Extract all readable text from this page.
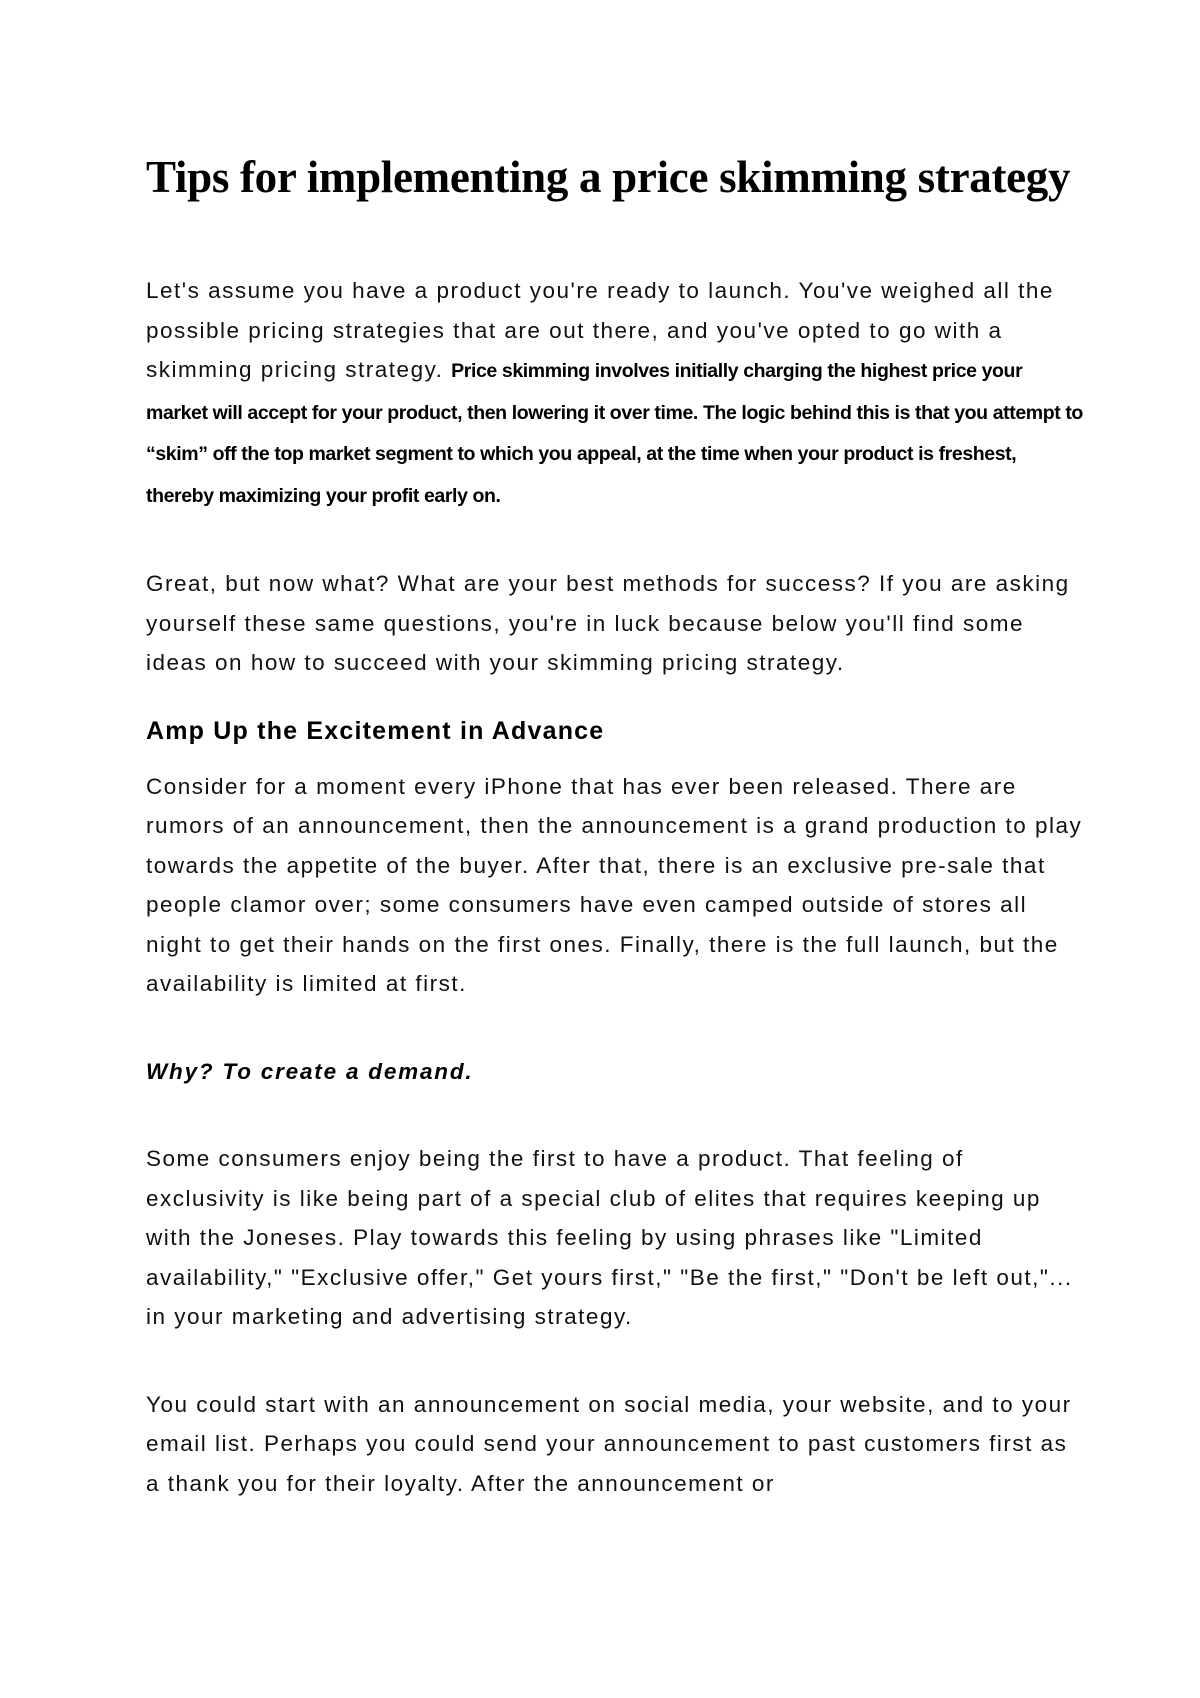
Tips for implementing a price skimming strategy

Let's assume you have a product you're ready to launch. You've weighed all the possible pricing strategies that are out there, and you've opted to go with a skimming pricing strategy. Price skimming involves initially charging the highest price your market will accept for your product, then lowering it over time. The logic behind this is that you attempt to “skim” off the top market segment to which you appeal, at the time when your product is freshest, thereby maximizing your profit early on.

Great, but now what? What are your best methods for success? If you are asking yourself these same questions, you're in luck because below you'll find some ideas on how to succeed with your skimming pricing strategy.

Amp Up the Excitement in Advance

Consider for a moment every iPhone that has ever been released. There are rumors of an announcement, then the announcement is a grand production to play towards the appetite of the buyer. After that, there is an exclusive pre-sale that people clamor over; some consumers have even camped outside of stores all night to get their hands on the first ones. Finally, there is the full launch, but the availability is limited at first.

Why? To create a demand.

Some consumers enjoy being the first to have a product. That feeling of exclusivity is like being part of a special club of elites that requires keeping up with the Joneses. Play towards this feeling by using phrases like "Limited availability," "Exclusive offer," Get yours first," "Be the first," "Don't be left out,"... in your marketing and advertising strategy.

You could start with an announcement on social media, your website, and to your email list. Perhaps you could send your announcement to past customers first as a thank you for their loyalty. After the announcement or
